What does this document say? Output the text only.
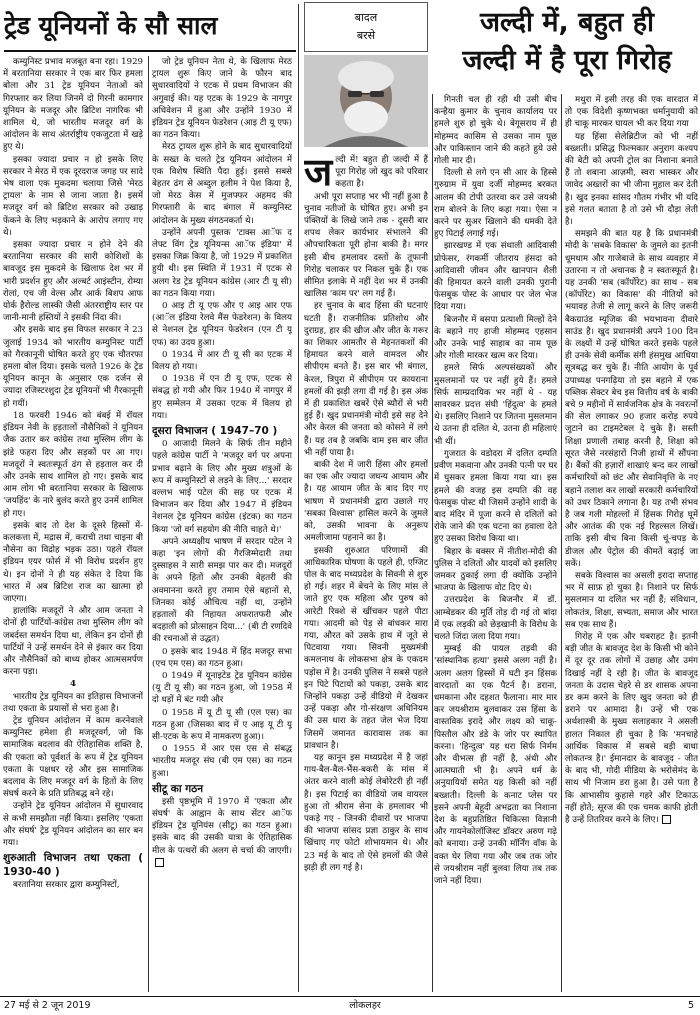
ट्रेड यूनियनों के सौ साल

कम्युनिस्ट प्रभाव मजबूत बना रहा। 1929 में बरतानिया सरकार ने एक बार फिर हमला बोला और 31 ट्रेड यूनियन नेताओं को गिरफ्तार कर लिया जिनमें दो गिरनी कामगार यूनियन के मजदूर और ब्रिटिश नागरिक भी शामिल थे, जो भारतीय मजदूर वर्ग के आंदोलन के साथ अंतर्राष्ट्रीय एकजुटता में खड़े हुए थे।

इसका ज्यादा प्रचार न हो इसके लिए सरकार ने मेरठ में एक दूरदराज जगह पर सादे भेष वाला एक मुकदमा चलाया जिसे 'मेरठ ट्रायल' के नाम से जाना जाता है। इसमें मजदूर वर्ग को ब्रिटिश सरकार को उखाड़ फेंकने के लिए भड़काने के आरोप लगाए गए थे।

इसका ज्यादा प्रचार न होने देने की बरतानिया सरकार की सारी कोशिशों के बावजूद इस मुकदमे के खिलाफ देश भर में भारी प्रदर्शन हुए और अल्बर्ट आइंस्टीन, रोम्या रोलां, एच जी वेल्स और आर्क बिशप आफ योर्क हैरोल्ड लास्की जैसी अंतरराष्ट्रीय स्तर पर जानी-मानी हस्तियों ने इसकी निंदा की।

और इसके बाद इस विफल सरकार ने 23 जुलाई 1934 को भारतीय कम्युनिस्ट पार्टी को गैरकानूनी घोषित करते हुए एक चौतरफा हमला बोल दिया। इसके चलते 1926 के ट्रेड यूनियन कानून के अनुसार एक दर्जन से ज्यादा रजिस्टरशुदा ट्रेड यूनियनों भी गैरकानूनी हो गयीं।

18 फरवरी 1946 को बंबई में रॉयल इंडियन नेवी के हड़तालों नौसैनिकों ने यूनियन जैक उतार कर कांग्रेस तथा मुस्लिम लीग के झंडे फहरा दिए और सड़कों पर आ गए। मजदूरों ने स्वतःस्फूर्त ढंग से हड़ताल कर दी और उनके साथ शामिल हो गए। इसके बाद आम लोग भी बरतानिया सरकार के खिलाफ 'जयहिंद' के नारे बुलंद करते हुए उनमें शामिल हो गए।

इसके बाद तो देश के दूसरे हिस्सों में-कलकत्ता में, मद्रास में, कराची तथा चाइना बी नौसेना का विद्रोह भड़क उठा। पहले रॉयल इंडियन एयर फोर्स में भी विरोध प्रदर्शन हुए थे। इन दोनों ने ही यह संकेत दे दिया कि भारत में अब ब्रिटिश राज का खात्मा हो जाएगा।

हालांकि मजदूरों ने और आम जनता ने दोनों ही पार्टियों-कांग्रेस तथा मुस्लिम लीग को जबर्दस्त समर्थन दिया था, लेकिन इन दोनों ही पार्टियों ने उन्हें समर्थन देने से इंकार कर दिया और नौसैनिकों को बाध्य होकर आत्मसमर्पण करना पड़ा।

4

भारतीय ट्रेड यूनियन का इतिहास विभाजनों तथा एकता के प्रयासों से भरा हुआ है।

ट्रेड यूनियन आंदोलन में काम करनेवाले कम्युनिस्ट हमेशा ही मजदूरवर्ग, जो कि सामाजिक बदलाव की ऐतिहासिक शक्ति है, की एकता को पूर्वशर्त के रूप में ट्रेड यूनियन एकता के पक्षधर रहे और इस सामाजिक बदलाव के लिए मजदूर वर्ग के हितों के लिए संघर्ष करने के प्रति प्रतिबद्ध बने रहे।

उन्होंने ट्रेड यूनियन आंदोलन में सुधारवाद से कभी समझौता नहीं किया। इसलिए 'एकता और संघर्ष' ट्रेड यूनियन आंदोलन का सार बन गया।

शुरुआती विभाजन तथा एकता ( 1930-40 )

बरतानिया सरकार द्वारा कम्युनिस्टों,

जो ट्रेड यूनियन नेता थे, के खिलाफ मेरठ ट्रायल शुरू किए जाने के फौरन बाद सुधारवादियों ने एटक में प्रथम विभाजन की अगुवाई की। यह एटक के 1929 के नागपुर अधिवेशन में हुआ और उन्होंने 1930 में इंडियन ट्रेड यूनियन फेडरेशन (आइ टी यू एफ) का गठन किया।

मेरठ ट्रायल शुरू होने के बाद सुधारवादियों के सख्त के चलते ट्रेड यूनियन आंदोलन में एक विशेष स्थिति पैदा हुई। इससे सबसे बेहतर ढंग से अब्दुल हलीम ने पेश किया है, जो मेरठ केस में मुजफ्फर अहमद की गिरफ्तारी के बाद बंगाल में कम्युनिस्ट आंदोलन के मुख्य संगठनकर्ता थे।

उन्होंने अपनी पुस्तक 'टाक्स आॅफ द लेफ्ट विंग ट्रेड यूनियन्स आॅफ इंडिया' में इसका जिक्र किया है, जो 1929 में प्रकाशित हुयी थी। इस स्थिति में 1931 में एटक से अलग रेड ट्रेड यूनियन कांग्रेस (आर टी यू सी) का गठन किया गया।

0 आइ टी यू एफ और ए आइ आर एफ (आॅल इंडिया रेलवे मैंस फेडरेशन) के विलय से नेशनल ट्रेड यूनियन फेडरेशन (एन टी यू एफ) का उदय हुआ।

0 1934 में आर टी यू सी का एटक में विलय हो गया।

0 1938 में एन टी यू एफ, एटक से संबद्ध हो गयी और फिर 1940 में नागपुर में हुए सम्मेलन में उसका एटक में विलय हो गया।

दूसरा विभाजन ( 1947–70 )

0 आजादी मिलने के सिर्फ तीन महीने पहले कांग्रेस पार्टी ने 'मजदूर वर्ग पर अपना प्रभाव बढ़ाने के लिए और मुख्य शत्रुओं के रूप में कम्युनिस्टों से लड़ने के लिए...' सरदार वल्लभ भाई पटेल की सह पर एटक में विभाजन कर दिया और 1947 में इंडियन नेशनल ट्रेड यूनियन कांग्रेस (इंटक) का गठन किया 'जो वर्ग सहयोग की नीति चाहते थे।'

अपने अध्यक्षीय भाषण में सरदार पटेल ने कहा 'इन लोगों की गैरजिम्मेदारी तथा दुस्साहस ने सारी समझ पार कर दी। मजदूरों के अपने हितों और उनकी बेहतरी की अवमानना करते हुए तमाम ऐसे बहानों से, जिनका कोई औचित्य नहीं था, उन्होंने हड़तालों की निहायत अफरातफरी और बदहाली को प्रोत्साहन दिया...' (बी टी रणदिवे की रचनाओं से उद्धत)

0 इसके बाद 1948 में हिंद मजदूर सभा (एच एम एस) का गठन हुआ।

0 1949 में यूनाइटेड ट्रेड यूनियन कांग्रेस (यू टी यू सी) का गठन हुआ, जो 1958 में दो धड़ों में बंट गयी और

0 1958 में यू टी यू सी (एल एस) का गठन हुआ (जिसका बाद में ए आइ यू टी यू सी-एटक के रूप में नामकरण हुआ)।

0 1955 में आर एस एस से संबद्ध भारतीय मजदूर संघ (बी एम एस) का गठन हुआ।

सीटू का गठन

इसी पृष्ठभूमि में 1970 में 'एकता और संघर्ष' के आह्वान के साथ सेंटर आॅफ इंडियन ट्रेड यूनियंस (सीटू) का गठन हुआ। इसके बाद की उसकी यात्रा के ऐतिहासिक मील के पत्थरों की अलग से चर्चा की जाएगी।

बादल
बरसे
ज ल्दी में! बहुत ही जल्दी में हैं पूरा गिरोह जो खुद को परिवार कहता है।

अभी पूरा सप्ताह भर भी नहीं हुआ है चुनाव नतीजों के घोषित हुए। अभी इन पंक्तियों के लिखे जाने तक - दूसरी बार शपथ लेकर कार्यभार संभालने की औपचारिकता पूरी होना बाकी है। मगर इसी बीच हमलावर दस्तों के तूफानी गिरोह चलाकर पर निकल चुके हैं। एक सीमित इलाके में नहीं देश भर में उनकी खालिस 'काम पर' लग गई हैं।

हर चुनाव के बाद हिंसा की घटनाएं घटती हैं। राजनीतिक प्रतिशोध और दुराग्रह, हार की खीज और जीत के गरूर का शिकार आमतौर से मेहनतकशों की हिमायत करने वाले वामदल और सीपीएम बनते हैं। इस बार भी बंगाल, केरल, त्रिपुरा में सीपीएम पर कायराना हमलों की झड़ी लगा दी गई है। इस अंक में ही प्रकाशित खबरें ऐसे ब्यौरों से भरी हुई हैं। खुद प्रधानमंत्री मोदी इसे सह देने और केरल की जनता को कोसने में लगे हैं। यह तब है जबकि वाम इस बार जीत भी नहीं पाया है।

बाकी देश में जारी हिंसा और हमलों का एक और ज्यादा जघन्य आयाम और है। यह आयाम जीत के बाद दिए गए भाषण में प्रधानमंत्री द्वारा उछाले गए 'सबका विश्वास' हासिल करने के जुमले को, उसकी भावना के अनुरूप अमलीजामा पहनाने का है।

इसकी शुरुआत परिणामों की आधिकारिक घोषणा के पहले ही, एग्जिट पोल के बाद मध्यप्रदेश के सिवनी से शुरु हो गई। शहर में बेचने के लिए मांस ले जाते हुए एक महिला और पुरुष को आरेटी रिक्शे से खींचकर पहले पीटा गया। आदमी को पेड़ से बांधकर मारा गया, औरत को उसके हाथ में जूते से पिटवाया गया। सिवनी मुख्यमंत्री कमलनाथ के लोकसभा क्षेत्र के एकदम पड़ोस में है। उनकी पुलिस ने सबसे पहले इन पिटे पिटायों को पकड़ा, उसके बाद जिन्होंने पकड़ा उन्हें वीडियो में देखकर उन्हें पकड़ा और गो-संरक्षण अधिनियम की उस धारा के तहत जेल भेज दिया जिसमें जमानत कारावास तक का प्रावधान है।

यह कानून इस मध्यप्रदेश में है जहां गाय-बैल-बैल-भैंस-बकरी के मांस में अंतर करने वाली कोई लेबोरेटरी ही नहीं है। इस पिटाई का वीडियो जब वायरल हुआ तो श्रीराम सेना के हमलावर भी पकड़े गए - जिनकी दीवारों पर भाजपा की भाजपा सांसद प्रज्ञा ठाकुर के साथ खिंचाए गए फोटो शोभायमान थे। और 23 मई के बाद तो ऐसे हमलों की जैसे झड़ी ही लग गई है।

जल्दी में, बहुत ही
जल्दी में है पूरा गिरोह

गिनती चल ही रही थी उसी बीच कन्हैया कुमार के चुनाव कार्यालय पर हमले शुरु हो चुके थे। बेगूसराय में ही मोहम्मद कासिम से उसका नाम पूछ और पाकिस्तान जाने की कहते हुये उसे गोली मार दी।

दिल्ली से लगे एन सी आर के हिस्से गुरुग्राम में युवा दर्जी मोहम्मद बरकत आलम की टोपी उतरवा कर उसे जयश्री राम बोलने के लिए कहा गया। ऐसा न करने पर सुअर खिलाने की धमकी देते हुए पिटाई लगाई गई।

झारखण्ड में एक संथाली आदिवासी प्रोफेसर, रंगकर्मी जीतराय हंसदा को आदिवासी जीवन और खानपान शैली की हिमायत करने वाली उनकी पुरानी फेसबुक पोस्ट के आधार पर जेल भेज दिया गया।

बिजनौर में बसपा प्रत्याशी मिल्हों देने के बहाने गए हाजी मोहम्मद एहसान और उनके भाई साहाब का नाम पूछ और गोली मारकर खत्म कर दिया।

हमले सिर्फ अल्पसंख्यकों और मुसलमानों पर पर नहीं हुये हैं। हमले सिर्फ साम्प्रदायिक भर नहीं थे - यह सावरकर प्रदत्त संघी 'हिंदुत्व' के हमले थे। इसलिए निशाने पर जितना मुसलमान थे उतना ही दलित थे, उतना ही महिलाएं भी थीं।

गुजरात के वडोदरा में दलित दम्पति प्रवीण मकवाना और उनकी पत्नी पर घर में घुसकर हमला किया गया था। इस हमले की वजह इस दम्पति की वह फेसबुक पोस्ट थी जिसमें उन्होंने शादी के बाद मंदिर में पूजा करने से दलितों को रोके जाने की एक घटना का हवाला देते हुए उसका विरोध किया था।

बिहार के बक्सर में नीतीश-मोदी की पुलिस ने दलितों और यादवों को इसलिए जमकर ठुकाई लगा दी क्योंकि उन्होंने भाजपा के खिलाफ वोट दिए थे।

उत्तरप्रदेश के बिजनौर में डॉ. आम्बेडकर की मूर्ति तोड़ दी गई तो बांदा में एक लड़की को छेड़खानी के विरोध के चलते जिंदा जला दिया गया।

मुम्बई की पायल तड़वी की 'सांस्थानिक हत्या' इससे अलग नहीं है। अलग अलग हिस्सों में घटी इन हिंसक वारदातों का एक पैटर्न है। डराना, धमकाना और दहशत फैलाना। मार मार कर जयश्रीराम बुलवाकर उस हिंसा के वास्तविक इरादे और लक्ष्य को चाकू-पिस्तौल और डंडे के जोर पर स्थापित करना। 'हिन्दुत्व' यह धरा सिर्फ निर्मम और वीभत्स ही नहीं है, अंधी और आत्मघाती भी है। अपने धर्म के अनुयायियों समेत यह किसी को नहीं बख्शती। दिल्ली के कनाट प्लेस पर इसने अपनी बेहूदी अभद्रता का निशाना देश के बहुप्रतिष्ठित चिकित्सा विज्ञानी और गायनेकोलॉजिस्ट डॉक्टर अरुण गढ़े को बनाया। उन्हें उनकी मॉर्निंग वॉक के वक्त घेर लिया गया और जब तक जोर से जयश्रीराम नहीं बुलवा लिया तब तक जाने नहीं दिया।

मथुरा में इसी तरह की एक वारदात में तो एक विदेशी कृष्णभक्त धर्मानुयायी को ही चाकू मारकर घायल भी कर दिया गया

यह हिंसा सेलेब्रिटीज को भी नहीं बख्शती। प्रसिद्ध फिल्मकार अनुराग कश्यप की बेटी को अपनी ट्रोल का निशाना बनाते हैं तो शबाना आज़मी, स्वरा भास्कर और जावेद अख्तरों का भी जीना मुहाल कर देती है। खुद इनका सांसद गौतम गंभीर भी यदि इसे गलत बताता है तो उसे भी दौड़ा लेती है।

समझने की बात यह है कि प्रधानमंत्री मोदी के 'सबके विकास' के जुमले का इतनी धूमधाम और गाजेबाजे के साथ व्यवहार में उतारना न तो अचानक है न स्वतःस्फूर्त है। यह उनकी 'सब (कॉर्पोरेट) का साथ - सब (कॉर्पोरेट) का विकास' की नीतियों को भयावह तेजी से लागू करने के लिए जरूरी बैकग्राउंड म्यूजिक की भयभावना दीवारे साउंड है। खुद प्रधानमंत्री अपने 100 दिन के लक्ष्यों में उन्हें घोषित करते इसके पहले ही उनके सेवी कर्मीक संगी हंसमुख आधिया सूत्रबद्ध कर चुके हैं। नीति आयोग के पूर्व उपाध्यक्ष पनगढ़िया तो इस बहाने में एक पब्लिक सेक्टर बेच इस वित्तीय वर्ष के बाकी बचे 9 महीनों में सार्वजनिक क्षेत्र के नवरत्नों की सेल लगाकर 90 हजार करोड़ रुपये जुटाने का टाइमटेबल दे चुके हैं। सस्ती शिक्षा प्रणाली तबाह करनी है, शिक्षा को सूरत जैसे नरसंहारों निजी हाथों में सौंपना है। बैंकों की हज़ारों शाखाएं बन्द कर लाखों कर्मचारियों को छंट और सेवानिवृत्ति के नए बहाने तलाश कर लाखों सरकारी कर्मचारियों को उधर ठिकाने लगाना है। यह तभी संभव है जब गली मोहल्लों में हिंसक गिरोह घूमें और आतंक की एक नई रिहल्सल लिखें। ताकि इसी बीच बिना किसी चूं-चपड़ के डीजल और पेट्रोल की कीमतें बढ़ाई जा सकें।

सबके विश्वास का असली इरादा सप्ताह भर में साफ़ हो चुका है। निशाने पर सिर्फ मुसलमान या दलित भर नहीं हैं; संविधान, लोकतंत्र, शिक्षा, सभ्यता, समाज और भारत सब एक साथ हैं।

गिरोह में एक और घबराहट है। इतनी बड़ी जीत के बावजूद देश के किसी भी कोने में दूर दूर तक लोगों में उछाह और उमंग दिखाई नहीं दे रही है। जीत के बावजूद जनता के उदास चेहरे से डर शासक अपना डर कम करने के लिए खुद जनता को ही डराने पर आमादा है। उन्हें भी एक अर्थशास्त्री के मुख्य सलाहकार ने असली हालत निकाल ही चुका है कि 'मनचाहे आर्थिक विकास में सबसे बड़ी बाधा लोकतन्त्र है।' ईमानदार के बावजूद - जीत के बाद भी, गोदी मीडिया के भरोसेमंद के साथ भी निजाम डरा हुआ है। उसे पता है कि आभासीय कुहासे गहरे और टिकाऊ नहीं होते; सूरज की एक चमक काफी होती है उन्हें तितरिवर करने के लिए।

27 मई से 2 जून 2019	लोकलहर	5
